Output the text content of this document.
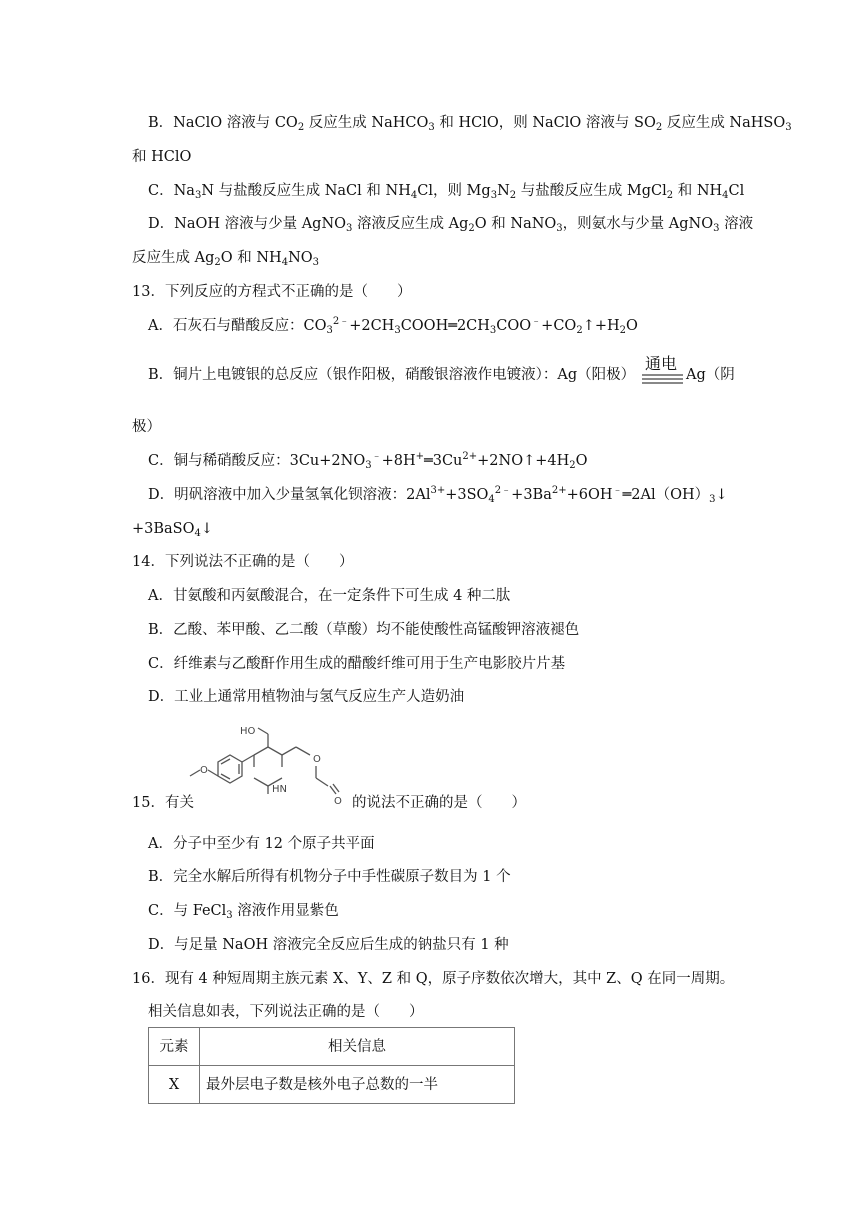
B．NaClO 溶液与 $CO_2$ 反应生成 NaHCO$_3$ 和 HClO，则 NaClO 溶液与 $SO_2$ 反应生成 NaHSO$_3$
和 HClO
C．$Na_3N$ 与盐酸反应生成 NaCl 和 $NH_4Cl$，则 $Mg_3N_2$ 与盐酸反应生成 MgCl$_2$ 和 $NH_4Cl$
D．NaOH 溶液与少量 AgNO$_3$ 溶液反应生成 $Ag_2O$ 和 NaNO$_3$，则氨水与少量 AgNO$_3$ 溶液
反应生成 $Ag_2O$ 和 $NH_4NO_3$
13．下列反应的方程式不正确的是（　　）
A．石灰石与醋酸反应：$CO_3^{2﹣}+2CH_3COOH═2CH_3COO^﹣+CO_2↑+H_2O$
B．铜片上电镀银的总反应（银作阳极，硝酸银溶液作电镀液）：Ag（阳极）
通电
Ag（阴
极）
C．铜与稀硝酸反应：$3Cu+2NO_3^﹣+8H^+═3Cu^{2+}+2NO↑+4H_2O$
D．明矾溶液中加入少量氢氧化钡溶液：$2Al^{3+}+3SO_4^{2﹣}+3Ba^{2+}+6OH^﹣═2Al(OH)_3↓$
+3BaSO$_4$↓
14．下列说法不正确的是（　　）
A．甘氨酸和丙氨酸混合，在一定条件下可生成 4 种二肽
B．乙酸、苯甲酸、乙二酸（草酸）均不能使酸性高锰酸钾溶液褪色
C．纤维素与乙酸酐作用生成的醋酸纤维可用于生产电影胶片片基
D．工业上通常用植物油与氢气反应生产人造奶油
O
HO
O
HN
O
15．有关	的说法不正确的是（　　）
A．分子中至少有 12 个原子共平面
B．完全水解后所得有机物分子中手性碳原子数目为 1 个
C．与 FeCl$_3$ 溶液作用显紫色
D．与足量 NaOH 溶液完全反应后生成的钠盐只有 1 种
16．现有 4 种短周期主族元素 X、Y、Z 和 Q，原子序数依次增大，其中 Z、Q 在同一周期。
相关信息如表，下列说法正确的是（　　）
元素	相关信息
X	最外层电子数是核外电子总数的一半
